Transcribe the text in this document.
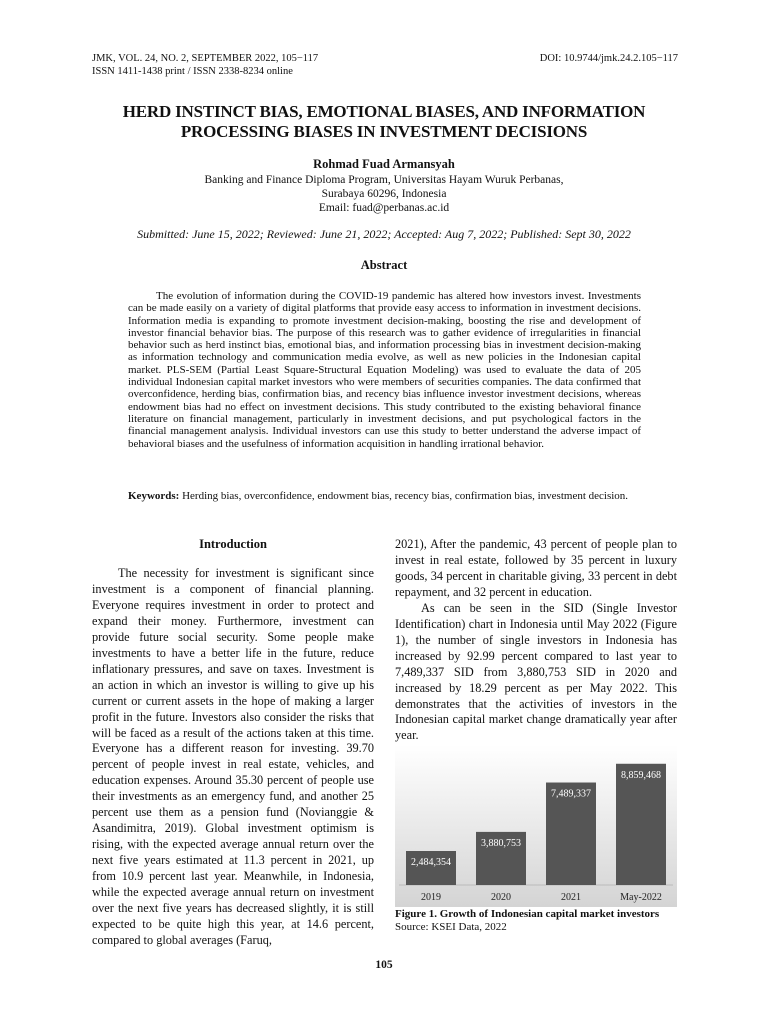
JMK, VOL. 24, NO. 2, SEPTEMBER 2022, 105−117
ISSN 1411-1438 print / ISSN 2338-8234 online
DOI: 10.9744/jmk.24.2.105−117
HERD INSTINCT BIAS, EMOTIONAL BIASES, AND INFORMATION PROCESSING BIASES IN INVESTMENT DECISIONS
Rohmad Fuad Armansyah
Banking and Finance Diploma Program, Universitas Hayam Wuruk Perbanas,
Surabaya 60296, Indonesia
Email: fuad@perbanas.ac.id
Submitted: June 15, 2022; Reviewed: June 21, 2022; Accepted: Aug 7, 2022; Published: Sept 30, 2022
Abstract
The evolution of information during the COVID-19 pandemic has altered how investors invest. Investments can be made easily on a variety of digital platforms that provide easy access to information in investment decisions. Information media is expanding to promote investment decision-making, boosting the rise and development of investor financial behavior bias. The purpose of this research was to gather evidence of irregularities in financial behavior such as herd instinct bias, emotional bias, and information processing bias in investment decision-making as information technology and communication media evolve, as well as new policies in the Indonesian capital market. PLS-SEM (Partial Least Square-Structural Equation Modeling) was used to evaluate the data of 205 individual Indonesian capital market investors who were members of securities companies. The data confirmed that overconfidence, herding bias, confirmation bias, and recency bias influence investor investment decisions, whereas endowment bias had no effect on investment decisions. This study contributed to the existing behavioral finance literature on financial management, particularly in investment decisions, and put psychological factors in the financial management analysis. Individual investors can use this study to better understand the adverse impact of behavioral biases and the usefulness of information acquisition in handling irrational behavior.
Keywords: Herding bias, overconfidence, endowment bias, recency bias, confirmation bias, investment decision.
Introduction
The necessity for investment is significant since investment is a component of financial planning. Everyone requires investment in order to protect and expand their money. Furthermore, investment can provide future social security. Some people make investments to have a better life in the future, reduce inflationary pressures, and save on taxes. Investment is an action in which an investor is willing to give up his current or current assets in the hope of making a larger profit in the future. Investors also consider the risks that will be faced as a result of the actions taken at this time. Everyone has a different reason for investing. 39.70 percent of people invest in real estate, vehicles, and education expenses. Around 35.30 percent of people use their investments as an emergency fund, and another 25 percent use them as a pension fund (Novianggie & Asandimitra, 2019). Global investment optimism is rising, with the expected average annual return over the next five years estimated at 11.3 percent in 2021, up from 10.9 percent last year. Meanwhile, in Indonesia, while the expected average annual return on investment over the next five years has decreased slightly, it is still expected to be quite high this year, at 14.6 percent, compared to global averages (Faruq,

2021), After the pandemic, 43 percent of people plan to invest in real estate, followed by 35 percent in luxury goods, 34 percent in charitable giving, 33 percent in debt repayment, and 32 percent in education.

As can be seen in the SID (Single Investor Identification) chart in Indonesia until May 2022 (Figure 1), the number of single investors in Indonesia has increased by 92.99 percent compared to last year to 7,489,337 SID from 3,880,753 SID in 2020 and increased by 18.29 percent as per May 2022. This demonstrates that the activities of investors in the Indonesian capital market change dramatically year after year.

2,484,354
2019
3,880,753
2020
7,489,337
2021
8,859,468
May-2022
Figure 1. Growth of Indonesian capital market investors
Source: KSEI Data, 2022
105
